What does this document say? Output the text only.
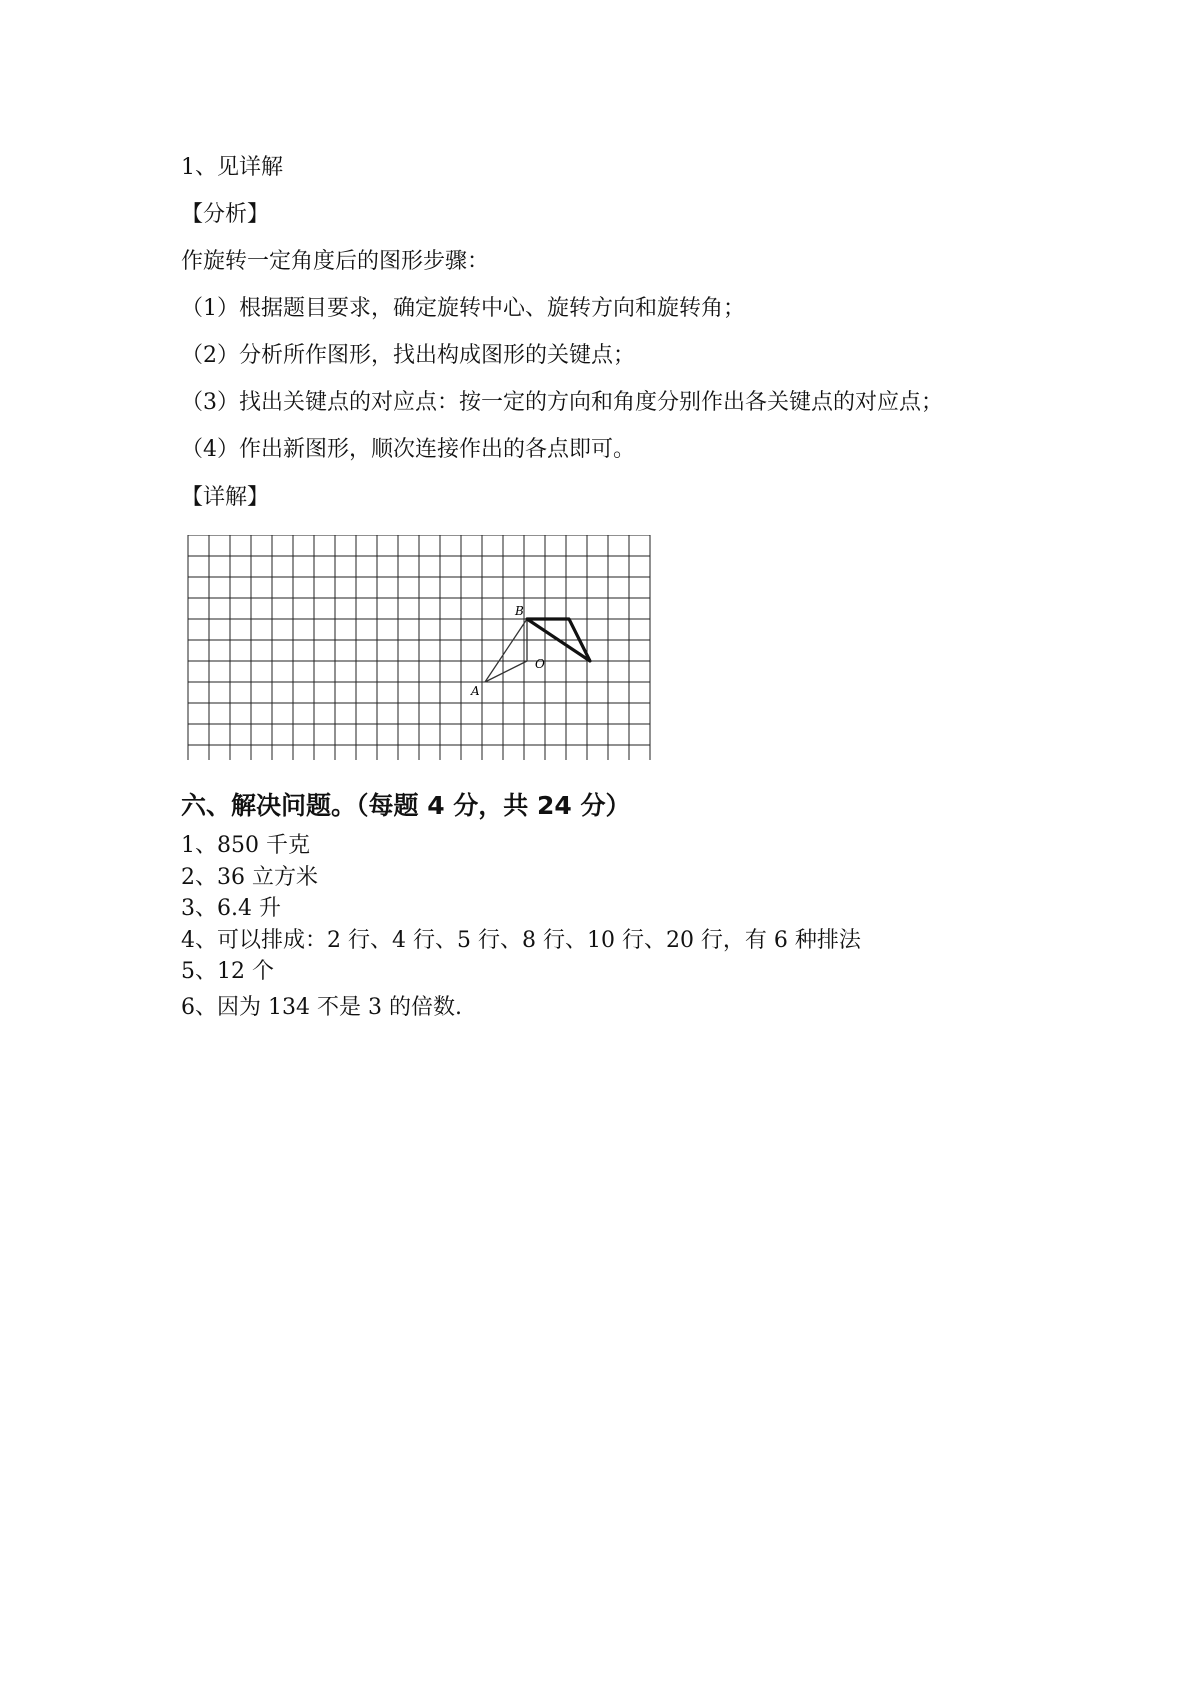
1、见详解
【分析】
作旋转一定角度后的图形步骤：
（1）根据题目要求，确定旋转中心、旋转方向和旋转角；
（2）分析所作图形，找出构成图形的关键点；
（3）找出关键点的对应点：按一定的方向和角度分别作出各关键点的对应点；
（4）作出新图形，顺次连接作出的各点即可。
【详解】
B
O
A
六、解决问题。（每题 4 分，共 24 分）
1、850 千克
2、36 立方米
3、6.4 升
4、可以排成：2 行、4 行、5 行、8 行、10 行、20 行，有 6 种排法
5、12 个
6、因为 134 不是 3 的倍数.
